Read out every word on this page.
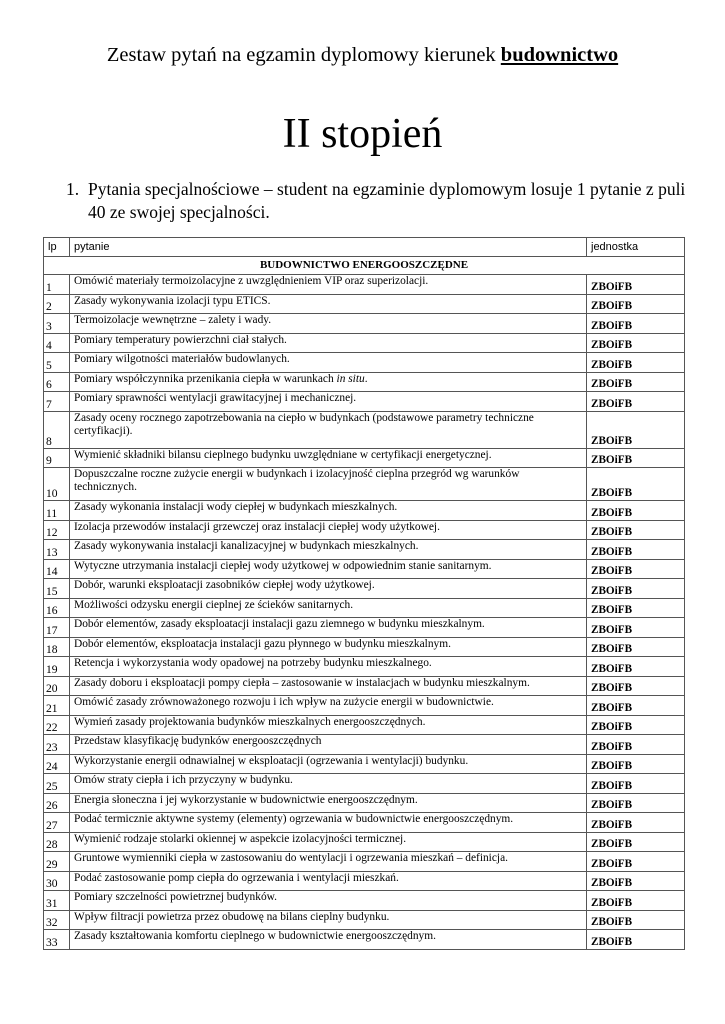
Zestaw pytań na egzamin dyplomowy kierunek budownictwo
II stopień
1. Pytania specjalnościowe – student na egzaminie dyplomowym losuje 1 pytanie z puli 40 ze swojej specjalności.
lp	pytanie	jednostka
BUDOWNICTWO ENERGOOSZCZĘDNE		
1	Omówić materiały termoizolacyjne z uwzględnieniem VIP oraz superizolacji.	ZBOiFB
2	Zasady wykonywania izolacji typu ETICS.	ZBOiFB
3	Termoizolacje wewnętrzne – zalety i wady.	ZBOiFB
4	Pomiary temperatury powierzchni ciał stałych.	ZBOiFB
5	Pomiary wilgotności materiałów budowlanych.	ZBOiFB
6	Pomiary współczynnika przenikania ciepła w warunkach in situ.	ZBOiFB
7	Pomiary sprawności wentylacji grawitacyjnej i mechanicznej.	ZBOiFB
8	Zasady oceny rocznego zapotrzebowania na ciepło w budynkach (podstawowe parametry techniczne certyfikacji).	ZBOiFB
9	Wymienić składniki bilansu cieplnego budynku uwzględniane w certyfikacji energetycznej.	ZBOiFB
10	Dopuszczalne roczne zużycie energii w budynkach i izolacyjność cieplna przegród wg warunków technicznych.	ZBOiFB
11	Zasady wykonania instalacji wody ciepłej w budynkach mieszkalnych.	ZBOiFB
12	Izolacja przewodów instalacji grzewczej oraz instalacji ciepłej wody użytkowej.	ZBOiFB
13	Zasady wykonywania instalacji kanalizacyjnej w budynkach mieszkalnych.	ZBOiFB
14	Wytyczne utrzymania instalacji ciepłej wody użytkowej w odpowiednim stanie sanitarnym.	ZBOiFB
15	Dobór, warunki eksploatacji zasobników ciepłej wody użytkowej.	ZBOiFB
16	Możliwości odzysku energii cieplnej ze ścieków sanitarnych.	ZBOiFB
17	Dobór elementów, zasady eksploatacji instalacji gazu ziemnego w budynku mieszkalnym.	ZBOiFB
18	Dobór elementów, eksploatacja instalacji gazu płynnego w budynku mieszkalnym.	ZBOiFB
19	Retencja i wykorzystania wody opadowej na potrzeby budynku mieszkalnego.	ZBOiFB
20	Zasady doboru i eksploatacji pompy ciepła – zastosowanie w instalacjach w budynku mieszkalnym.	ZBOiFB
21	Omówić zasady zrównoważonego rozwoju i ich wpływ na zużycie energii w budownictwie.	ZBOiFB
22	Wymień zasady projektowania budynków mieszkalnych energooszczędnych.	ZBOiFB
23	Przedstaw klasyfikację budynków energooszczędnych	ZBOiFB
24	Wykorzystanie energii odnawialnej w eksploatacji (ogrzewania i wentylacji) budynku.	ZBOiFB
25	Omów straty ciepła i ich przyczyny w budynku.	ZBOiFB
26	Energia słoneczna i jej wykorzystanie w budownictwie energooszczędnym.	ZBOiFB
27	Podać termicznie aktywne systemy (elementy) ogrzewania w budownictwie energooszczędnym.	ZBOiFB
28	Wymienić rodzaje stolarki okiennej w aspekcie izolacyjności termicznej.	ZBOiFB
29	Gruntowe wymienniki ciepła w zastosowaniu do wentylacji i ogrzewania mieszkań – definicja.	ZBOiFB
30	Podać zastosowanie pomp ciepła do ogrzewania i wentylacji mieszkań.	ZBOiFB
31	Pomiary szczelności powietrznej budynków.	ZBOiFB
32	Wpływ filtracji powietrza przez obudowę na bilans cieplny budynku.	ZBOiFB
33	Zasady kształtowania komfortu cieplnego w budownictwie energooszczędnym.	ZBOiFB
